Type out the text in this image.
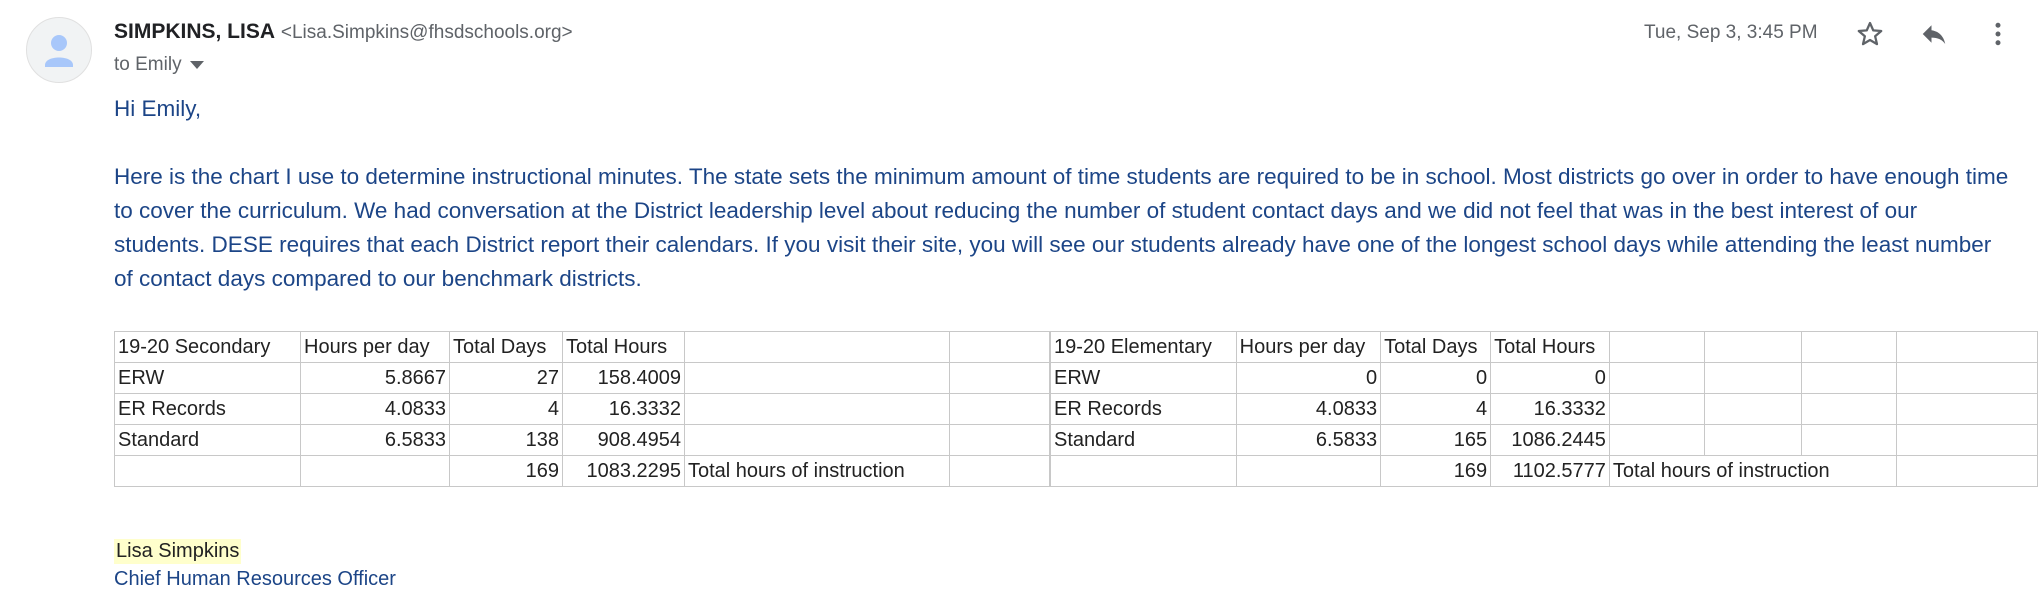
SIMPKINS, LISA <Lisa.Simpkins@fhsdschools.org>
to Emily
Tue, Sep 3, 3:45 PM
Hi Emily,
Here is the chart I use to determine instructional minutes. The state sets the minimum amount of time students are required to be in school. Most districts go over in order to have enough time to cover the curriculum. We had conversation at the District leadership level about reducing the number of student contact days and we did not feel that was in the best interest of our students. DESE requires that each District report their calendars. If you visit their site, you will see our students already have one of the longest school days while attending the least number of contact days compared to our benchmark districts.
19-20 Secondary	Hours per day	Total Days	Total Hours		
ERW	5.8667	27	158.4009		
ER Records	4.0833	4	16.3332		
Standard	6.5833	138	908.4954		
		169	1083.2295	Total hours of instruction	
19-20 Elementary	Hours per day	Total Days	Total Hours				
ERW	0	0	0				
ER Records	4.0833	4	16.3332				
Standard	6.5833	165	1086.2445				
		169	1102.5777	Total hours of instruction			
Lisa Simpkins
Chief Human Resources Officer
